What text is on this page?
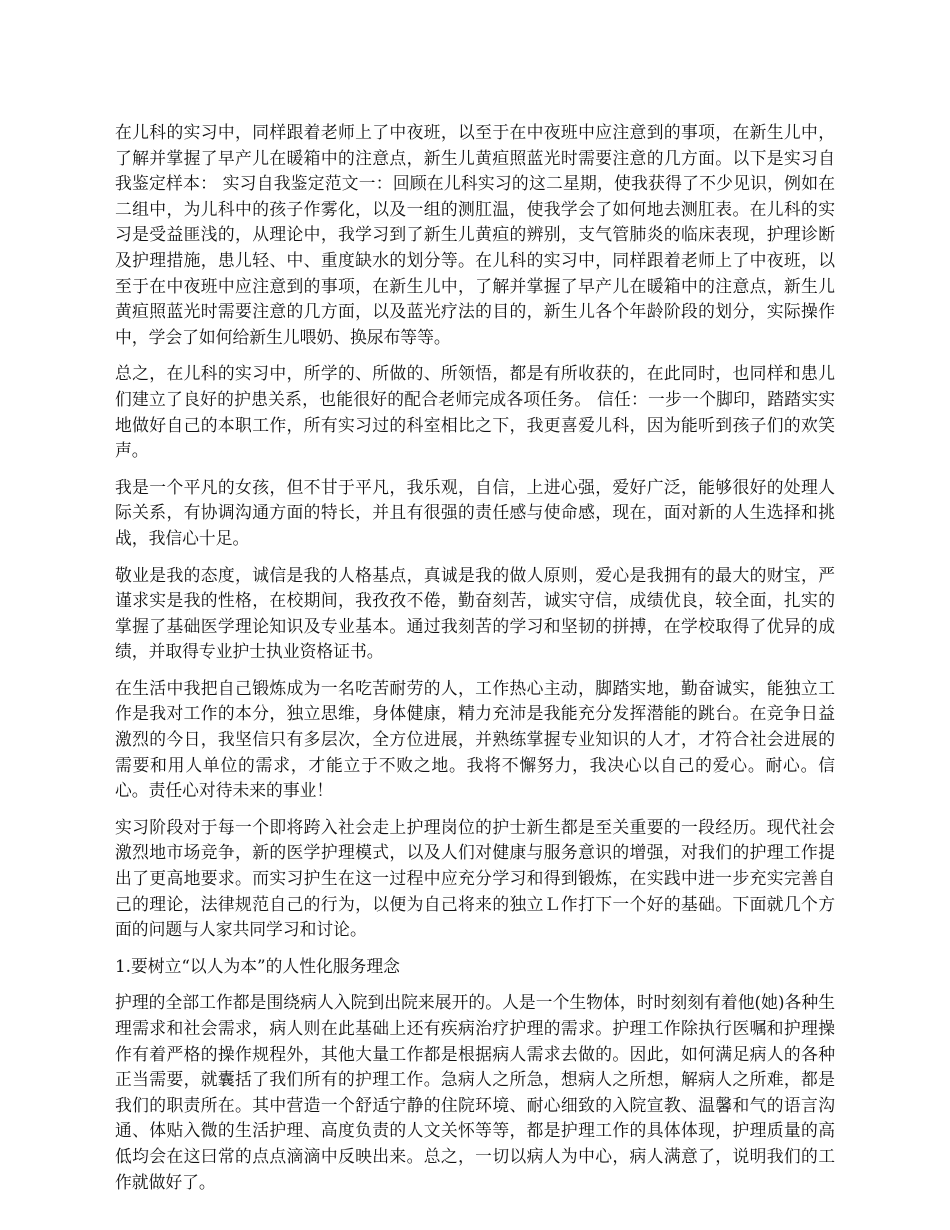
在儿科的实习中，同样跟着老师上了中夜班，以至于在中夜班中应注意到的事项，在新生儿中，了解并掌握了早产儿在暖箱中的注意点，新生儿黄疸照蓝光时需要注意的几方面。以下是实习自我鉴定样本： 实习自我鉴定范文一：回顾在儿科实习的这二星期，使我获得了不少见识，例如在二组中，为儿科中的孩子作雾化，以及一组的测肛温，使我学会了如何地去测肛表。在儿科的实习是受益匪浅的，从理论中，我学习到了新生儿黄疸的辨别，支气管肺炎的临床表现，护理诊断及护理措施，患儿轻、中、重度缺水的划分等。在儿科的实习中，同样跟着老师上了中夜班，以至于在中夜班中应注意到的事项，在新生儿中，了解并掌握了早产儿在暖箱中的注意点，新生儿黄疸照蓝光时需要注意的几方面，以及蓝光疗法的目的，新生儿各个年龄阶段的划分，实际操作中，学会了如何给新生儿喂奶、换尿布等等。

总之，在儿科的实习中，所学的、所做的、所领悟，都是有所收获的，在此同时，也同样和患儿们建立了良好的护患关系，也能很好的配合老师完成各项任务。 信任：一步一个脚印，踏踏实实地做好自己的本职工作，所有实习过的科室相比之下，我更喜爱儿科，因为能听到孩子们的欢笑声。

我是一个平凡的女孩，但不甘于平凡，我乐观，自信，上进心强，爱好广泛，能够很好的处理人际关系，有协调沟通方面的特长，并且有很强的责任感与使命感，现在，面对新的人生选择和挑战，我信心十足。

敬业是我的态度，诚信是我的人格基点，真诚是我的做人原则，爱心是我拥有的最大的财宝，严谨求实是我的性格，在校期间，我孜孜不倦，勤奋刻苦，诚实守信，成绩优良，较全面，扎实的掌握了基础医学理论知识及专业基本。通过我刻苦的学习和坚韧的拼搏，在学校取得了优异的成绩，并取得专业护士执业资格证书。

在生活中我把自己锻炼成为一名吃苦耐劳的人，工作热心主动，脚踏实地，勤奋诚实，能独立工作是我对工作的本分，独立思维，身体健康，精力充沛是我能充分发挥潜能的跳台。在竞争日益激烈的今日，我坚信只有多层次，全方位进展，并熟练掌握专业知识的人才，才符合社会进展的需要和用人单位的需求，才能立于不败之地。我将不懈努力，我决心以自己的爱心。耐心。信心。责任心对待未来的事业！

实习阶段对于每一个即将跨入社会走上护理岗位的护士新生都是至关重要的一段经历。现代社会激烈地市场竞争，新的医学护理模式，以及人们对健康与服务意识的增强，对我们的护理工作提出了更高地要求。而实习护生在这一过程中应充分学习和得到锻炼，在实践中进一步充实完善自己的理论，法律规范自己的行为，以便为自己将来的独立Ｌ作打下一个好的基础。下面就几个方面的问题与人家共同学习和讨论。

1.要树立“以人为本”的人性化服务理念

护理的全部工作都是围绕病人入院到出院来展开的。人是一个生物体，时时刻刻有着他(她)各种生理需求和社会需求，病人则在此基础上还有疾病治疗护理的需求。护理工作除执行医嘱和护理操作有着严格的操作规程外，其他大量工作都是根据病人需求去做的。因此，如何满足病人的各种正当需要，就囊括了我们所有的护理工作。急病人之所急，想病人之所想，解病人之所难，都是我们的职责所在。其中营造一个舒适宁静的住院环境、耐心细致的入院宣教、温馨和气的语言沟通、体贴入微的生活护理、高度负责的人文关怀等等，都是护理工作的具体体现，护理质量的高低均会在这曰常的点点滴滴中反映出来。总之，一切以病人为中心，病人满意了，说明我们的工作就做好了。
